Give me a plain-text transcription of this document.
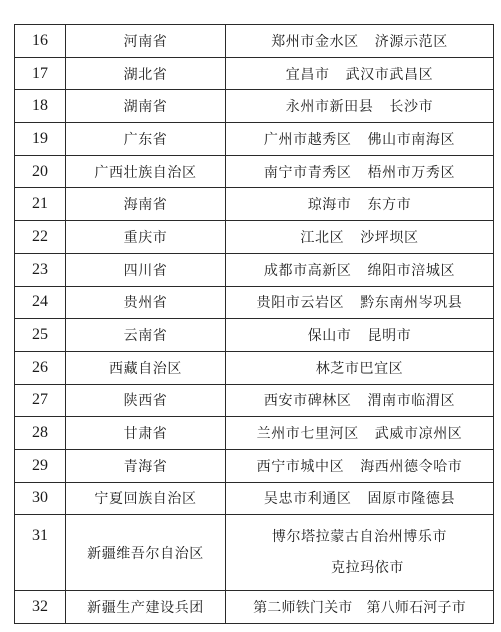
16	河南省	郑州市金水区 济源示范区
17	湖北省	宜昌市 武汉市武昌区
18	湖南省	永州市新田县 长沙市
19	广东省	广州市越秀区 佛山市南海区
20	广西壮族自治区	南宁市青秀区 梧州市万秀区
21	海南省	琼海市 东方市
22	重庆市	江北区 沙坪坝区
23	四川省	成都市高新区 绵阳市涪城区
24	贵州省	贵阳市云岩区 黔东南州岑巩县
25	云南省	保山市 昆明市
26	西藏自治区	林芝市巴宜区
27	陕西省	西安市碑林区 渭南市临渭区
28	甘肃省	兰州市七里河区 武威市凉州区
29	青海省	西宁市城中区 海西州德令哈市
30	宁夏回族自治区	吴忠市利通区 固原市隆德县
31	新疆维吾尔自治区	博尔塔拉蒙古自治州博乐市
克拉玛依市

32	新疆生产建设兵团	第二师铁门关市 第八师石河子市
